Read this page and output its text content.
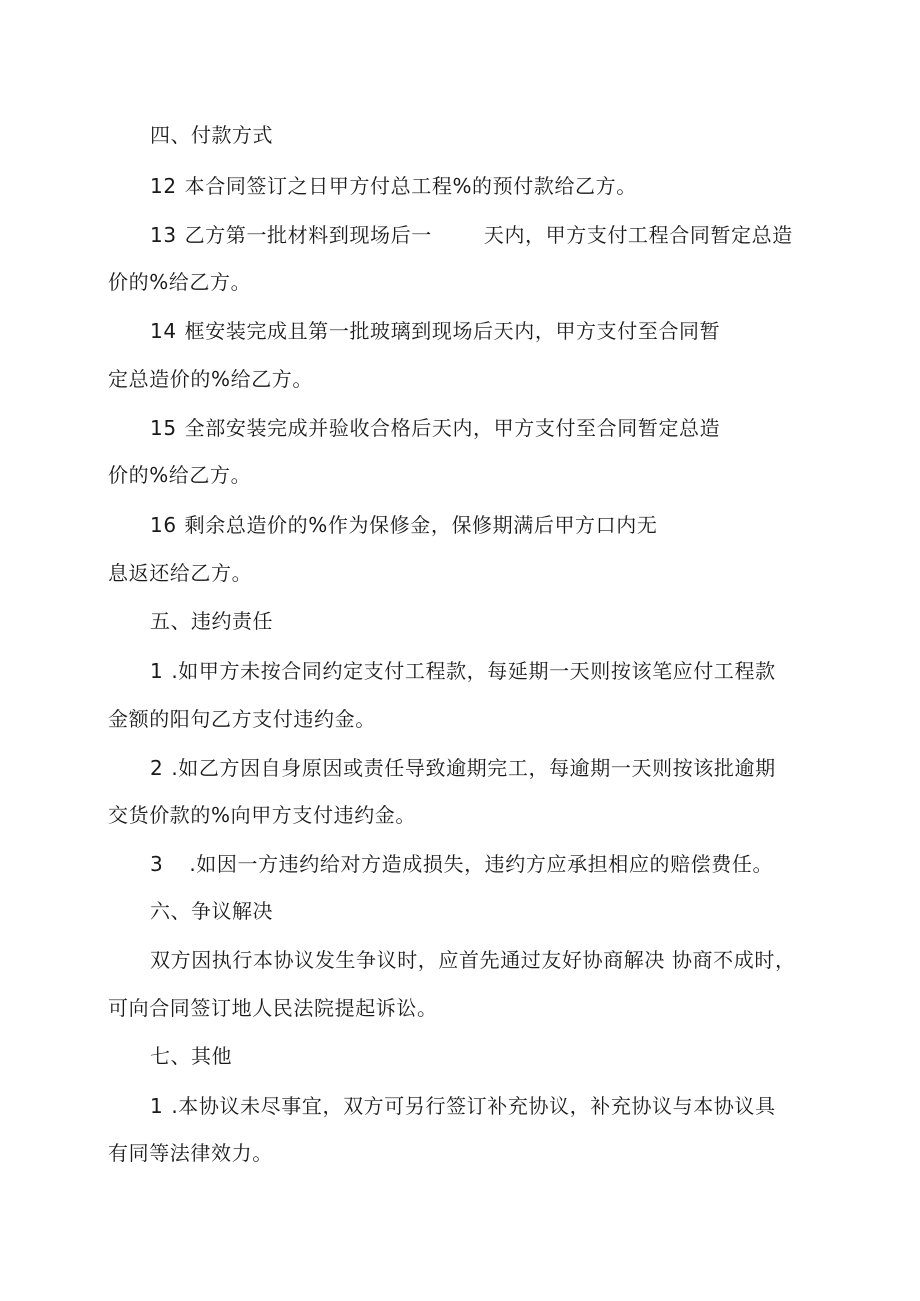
四、付款方式
12 本合同签订之日甲方付总工程%的预付款给乙方。
13 乙方第一批材料到现场后一	天内，甲方支付工程合同暂定总造
价的%给乙方。
14 框安装完成且第一批玻璃到现场后天内，甲方支付至合同暂
定总造价的%给乙方。
15 全部安装完成并验收合格后天内，甲方支付至合同暂定总造
价的%给乙方。
16 剩余总造价的%作为保修金，保修期满后甲方口内无
息返还给乙方。
五、违约责任
1 .如甲方未按合同约定支付工程款，每延期一天则按该笔应付工程款
金额的阳句乙方支付违约金。
2 .如乙方因自身原因或责任导致逾期完工，每逾期一天则按该批逾期
交货价款的%向甲方支付违约金。
3 .如因一方违约给对方造成损失，违约方应承担相应的赔偿费任。
六、争议解决
双方因执行本协议发生争议时，应首先通过友好协商解决 协商不成时，
可向合同签订地人民法院提起诉讼。
七、其他
1 .本协议未尽事宜，双方可另行签订补充协议，补充协议与本协议具
有同等法律效力。
